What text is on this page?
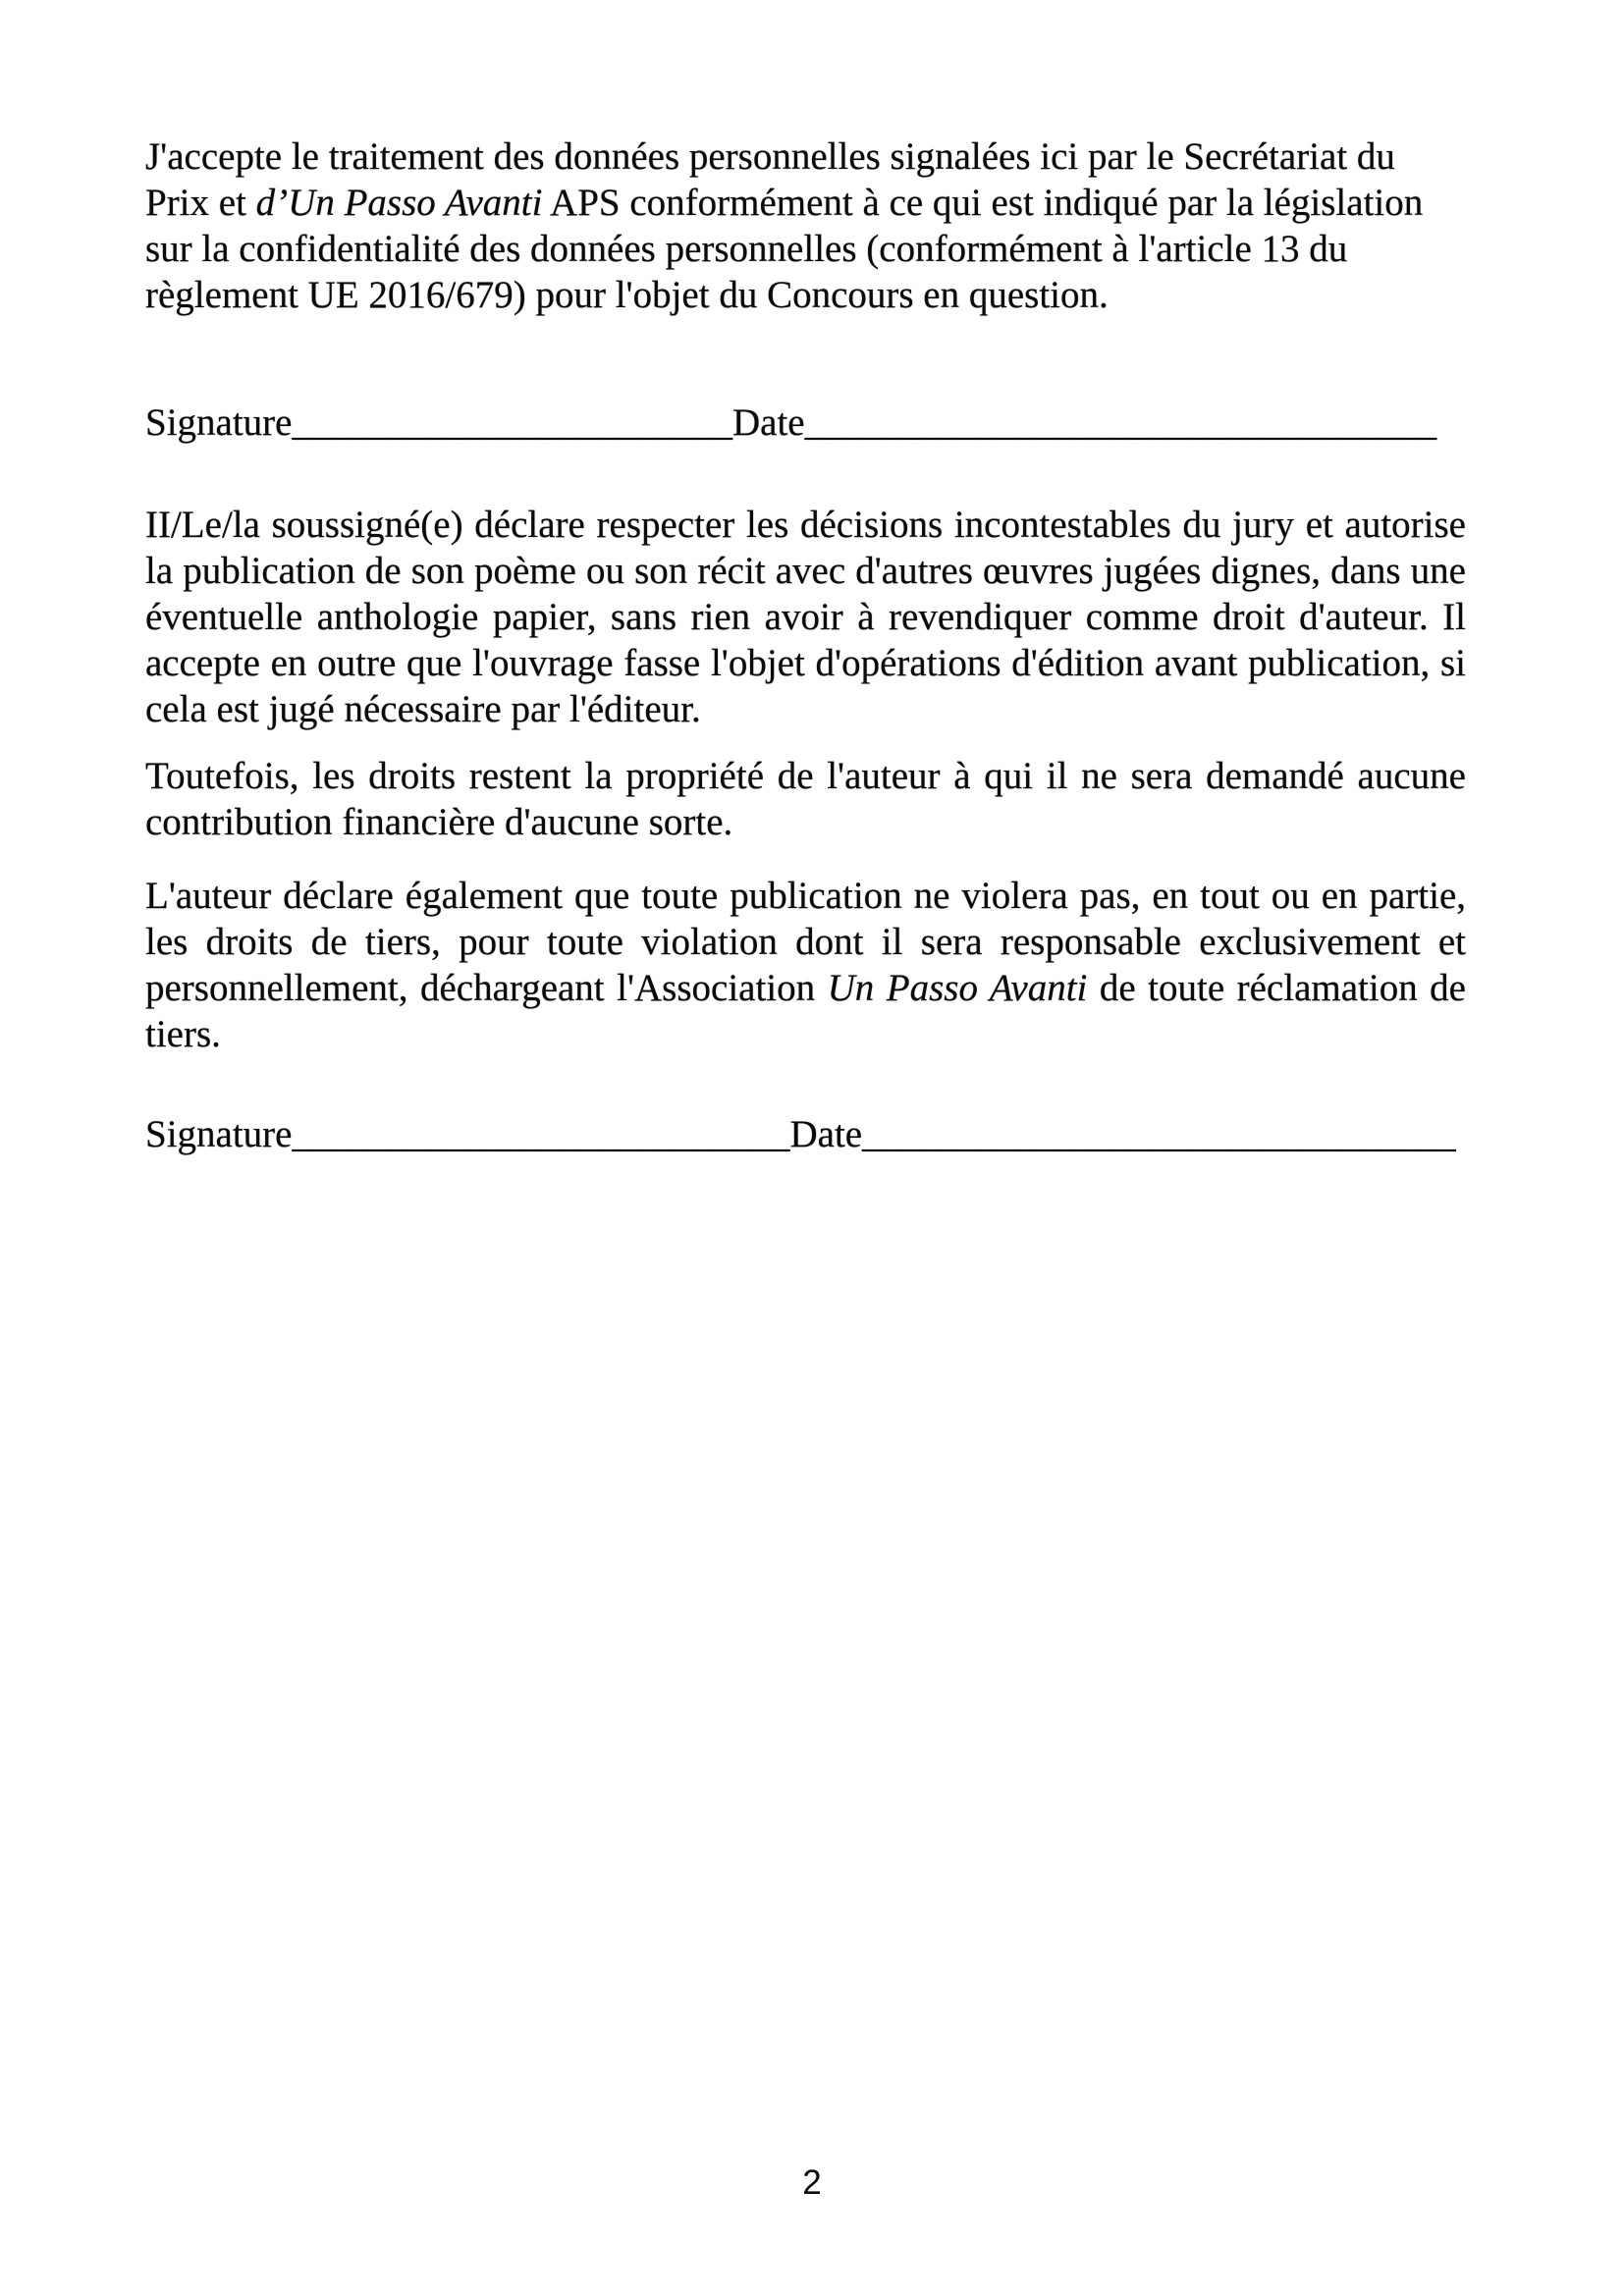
J'accepte le traitement des données personnelles signalées ici par le Secrétariat du
Prix et d’Un Passo Avanti APS conformément à ce qui est indiqué par la législation
sur la confidentialité des données personnelles (conformément à l'article 13 du
règlement UE 2016/679) pour l'objet du Concours en question.
Signature_______________________Date_________________________________
II/Le/la soussigné(e) déclare respecter les décisions incontestables du jury et autorise
la publication de son poème ou son récit avec d'autres œuvres jugées dignes, dans une
éventuelle anthologie papier, sans rien avoir à revendiquer comme droit d'auteur. Il
accepte en outre que l'ouvrage fasse l'objet d'opérations d'édition avant publication, si
cela est jugé nécessaire par l'éditeur.
Toutefois, les droits restent la propriété de l'auteur à qui il ne sera demandé aucune
contribution financière d'aucune sorte.
L'auteur déclare également que toute publication ne violera pas, en tout ou en partie,
les droits de tiers, pour toute violation dont il sera responsable exclusivement et
personnellement, déchargeant l'Association Un Passo Avanti de toute réclamation de
tiers.
Signature__________________________Date_______________________________
2
